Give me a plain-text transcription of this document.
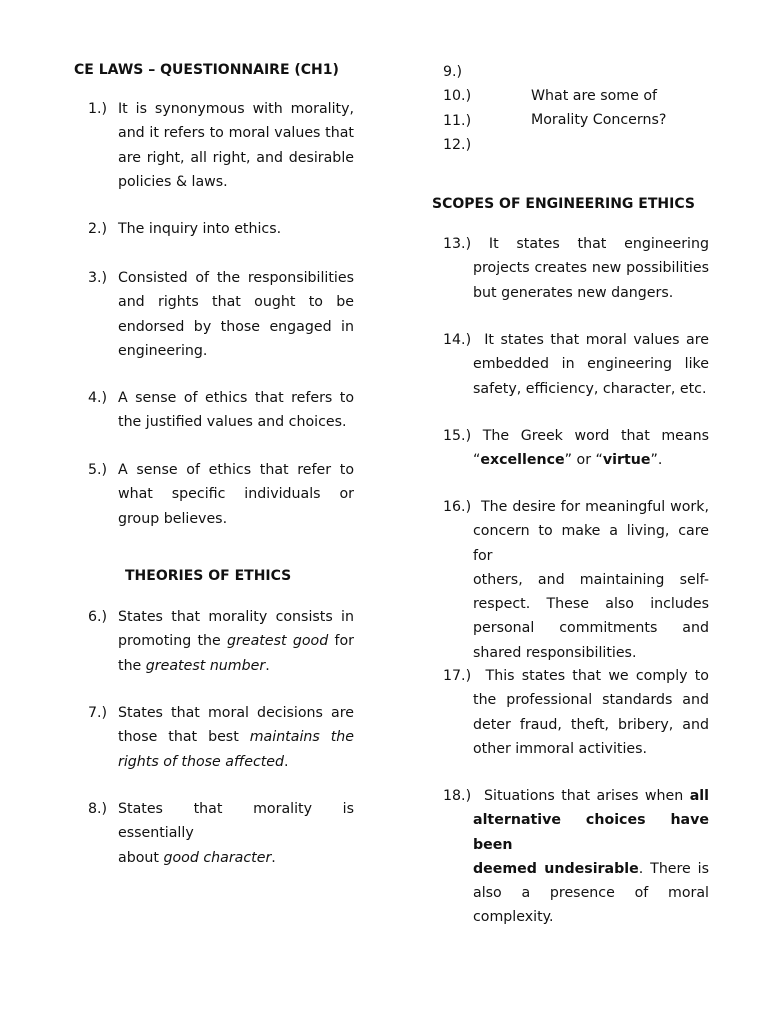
CE LAWS – QUESTIONNAIRE (CH1)
1.) It is synonymous with morality,
and it refers to moral values that
are right, all right, and desirable
policies & laws.
2.) The inquiry into ethics.
3.) Consisted of the responsibilities
and rights that ought to be
endorsed by those engaged in
engineering.
4.) A sense of ethics that refers to
the justified values and choices.
5.) A sense of ethics that refer to
what specific individuals or
group believes.
THEORIES OF ETHICS
6.) States that morality consists in
promoting the greatest good for
the greatest number.
7.) States that moral decisions are
those that best maintains the
rights of those affected.
8.) States that morality is essentially
about good character.
9.)
10.)
11.)
12.)
What are some of
Morality Concerns?
SCOPES OF ENGINEERING ETHICS
13.) It states that engineering
projects creates new possibilities
but generates new dangers.
14.) It states that moral values are
embedded in engineering like
safety, efficiency, character, etc.
15.) The Greek word that means
“excellence” or “virtue”.
16.) The desire for meaningful work,
concern to make a living, care for
others, and maintaining self-
respect. These also includes
personal commitments and
shared responsibilities.
17.) This states that we comply to
the professional standards and
deter fraud, theft, bribery, and
other immoral activities.
18.) Situations that arises when all
alternative choices have been
deemed undesirable. There is
also a presence of moral
complexity.
